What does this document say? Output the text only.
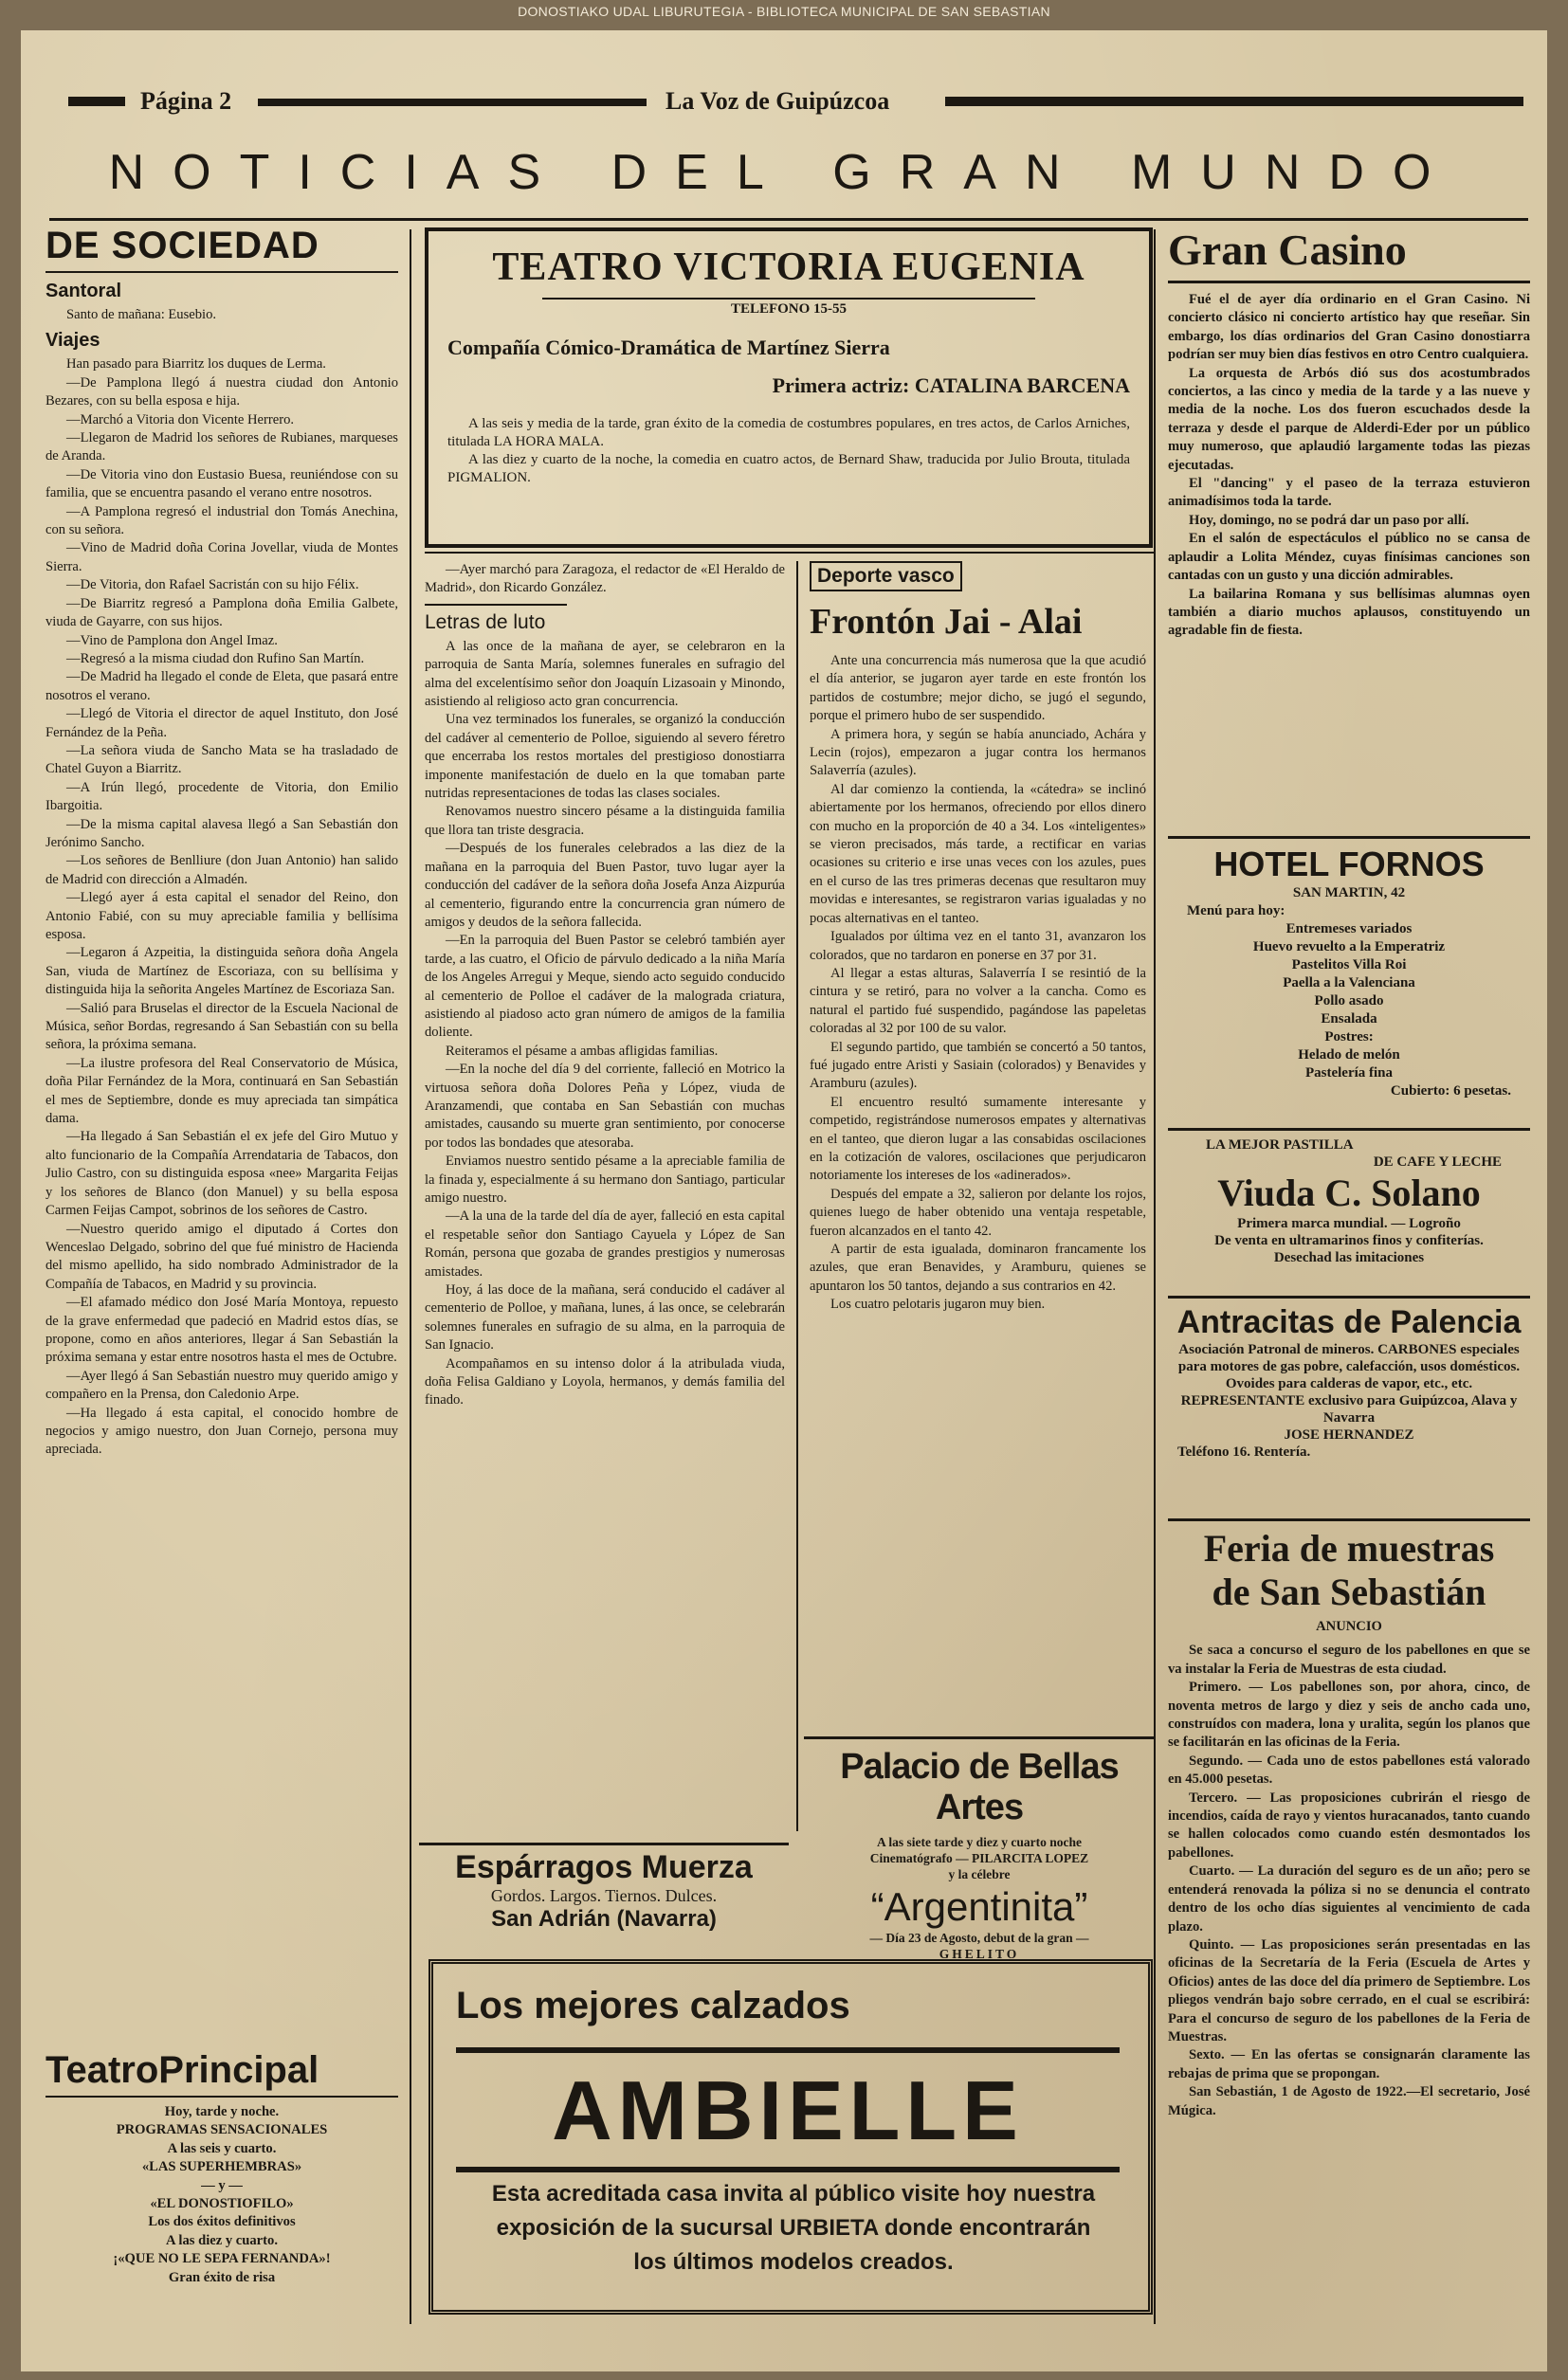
DONOSTIAKO UDAL LIBURUTEGIA - BIBLIOTECA MUNICIPAL DE SAN SEBASTIAN
Página 2	La Voz de Guipúzcoa
NOTICIAS DEL GRAN MUNDO
DE SOCIEDAD
Santoral

Santo de mañana: Eusebio.

Viajes

Han pasado para Biarritz los duques de Lerma.

—De Pamplona llegó á nuestra ciudad don Antonio Bezares, con su bella esposa e hija.

—Marchó a Vitoria don Vicente Herrero.

—Llegaron de Madrid los señores de Rubianes, marqueses de Aranda.

—De Vitoria vino don Eustasio Buesa, reuniéndose con su familia, que se encuentra pasando el verano entre nosotros.

—A Pamplona regresó el industrial don Tomás Anechina, con su señora.

—Vino de Madrid doña Corina Jovellar, viuda de Montes Sierra.

—De Vitoria, don Rafael Sacristán con su hijo Félix.

—De Biarritz regresó a Pamplona doña Emilia Galbete, viuda de Gayarre, con sus hijos.

—Vino de Pamplona don Angel Imaz.

—Regresó a la misma ciudad don Rufino San Martín.

—De Madrid ha llegado el conde de Eleta, que pasará entre nosotros el verano.

—Llegó de Vitoria el director de aquel Instituto, don José Fernández de la Peña.

—La señora viuda de Sancho Mata se ha trasladado de Chatel Guyon a Biarritz.

—A Irún llegó, procedente de Vitoria, don Emilio Ibargoitia.

—De la misma capital alavesa llegó a San Sebastián don Jerónimo Sancho.

—Los señores de Benlliure (don Juan Antonio) han salido de Madrid con dirección a Almadén.

—Llegó ayer á esta capital el senador del Reino, don Antonio Fabié, con su muy apreciable familia y bellísima esposa.

—Legaron á Azpeitia, la distinguida señora doña Angela San, viuda de Martínez de Escoriaza, con su bellísima y distinguida hija la señorita Angeles Martínez de Escoriaza San.

—Salió para Bruselas el director de la Escuela Nacional de Música, señor Bordas, regresando á San Sebastián con su bella señora, la próxima semana.

—La ilustre profesora del Real Conservatorio de Música, doña Pilar Fernández de la Mora, continuará en San Sebastián el mes de Septiembre, donde es muy apreciada tan simpática dama.

—Ha llegado á San Sebastián el ex jefe del Giro Mutuo y alto funcionario de la Compañía Arrendataria de Tabacos, don Julio Castro, con su distinguida esposa «nee» Margarita Feijas y los señores de Blanco (don Manuel) y su bella esposa Carmen Feijas Campot, sobrinos de los señores de Castro.

—Nuestro querido amigo el diputado á Cortes don Wenceslao Delgado, sobrino del que fué ministro de Hacienda del mismo apellido, ha sido nombrado Administrador de la Compañía de Tabacos, en Madrid y su provincia.

—El afamado médico don José María Montoya, repuesto de la grave enfermedad que padeció en Madrid estos días, se propone, como en años anteriores, llegar á San Sebastián la próxima semana y estar entre nosotros hasta el mes de Octubre.

—Ayer llegó á San Sebastián nuestro muy querido amigo y compañero en la Prensa, don Caledonio Arpe.

—Ha llegado á esta capital, el conocido hombre de negocios y amigo nuestro, don Juan Cornejo, persona muy apreciada.

TeatroPrincipal
Hoy, tarde y noche.
PROGRAMAS SENSACIONALES
A las seis y cuarto.
«LAS SUPERHEMBRAS»
— y —
«EL DONOSTIOFILO»
Los dos éxitos definitivos
A las diez y cuarto.
¡«QUE NO LE SEPA FERNANDA»!
Gran éxito de risa
TEATRO VICTORIA EUGENIA
TELEFONO 15-55
Compañía Cómico-Dramática de Martínez Sierra
Primera actriz: CATALINA BARCENA

A las seis y media de la tarde, gran éxito de la comedia de costumbres populares, en tres actos, de Carlos Arniches, titulada LA HORA MALA.

A las diez y cuarto de la noche, la comedia en cuatro actos, de Bernard Shaw, traducida por Julio Brouta, titulada PIGMALION.

—Ayer marchó para Zaragoza, el redactor de «El Heraldo de Madrid», don Ricardo González.

Letras de luto

A las once de la mañana de ayer, se celebraron en la parroquia de Santa María, solemnes funerales en sufragio del alma del excelentísimo señor don Joaquín Lizasoain y Minondo, asistiendo al religioso acto gran concurrencia.

Una vez terminados los funerales, se organizó la conducción del cadáver al cementerio de Polloe, siguiendo al severo féretro que encerraba los restos mortales del prestigioso donostiarra imponente manifestación de duelo en la que tomaban parte nutridas representaciones de todas las clases sociales.

Renovamos nuestro sincero pésame a la distinguida familia que llora tan triste desgracia.

—Después de los funerales celebrados a las diez de la mañana en la parroquia del Buen Pastor, tuvo lugar ayer la conducción del cadáver de la señora doña Josefa Anza Aizpurúa al cementerio, figurando entre la concurrencia gran número de amigos y deudos de la señora fallecida.

—En la parroquia del Buen Pastor se celebró también ayer tarde, a las cuatro, el Oficio de párvulo dedicado a la niña María de los Angeles Arregui y Meque, siendo acto seguido conducido al cementerio de Polloe el cadáver de la malograda criatura, asistiendo al piadoso acto gran número de amigos de la familia doliente.

Reiteramos el pésame a ambas afligidas familias.

—En la noche del día 9 del corriente, falleció en Motrico la virtuosa señora doña Dolores Peña y López, viuda de Aranzamendi, que contaba en San Sebastián con muchas amistades, causando su muerte gran sentimiento, por conocerse por todos las bondades que atesoraba.

Enviamos nuestro sentido pésame a la apreciable familia de la finada y, especialmente á su hermano don Santiago, particular amigo nuestro.

—A la una de la tarde del día de ayer, falleció en esta capital el respetable señor don Santiago Cayuela y López de San Román, persona que gozaba de grandes prestigios y numerosas amistades.

Hoy, á las doce de la mañana, será conducido el cadáver al cementerio de Polloe, y mañana, lunes, á las once, se celebrarán solemnes funerales en sufragio de su alma, en la parroquia de San Ignacio.

Acompañamos en su intenso dolor á la atribulada viuda, doña Felisa Galdiano y Loyola, hermanos, y demás familia del finado.

Espárragos Muerza
Gordos. Largos. Tiernos. Dulces.
San Adrián (Navarra)
Deporte vasco
Frontón Jai - Alai

Ante una concurrencia más numerosa que la que acudió el día anterior, se jugaron ayer tarde en este frontón los partidos de costumbre; mejor dicho, se jugó el segundo, porque el primero hubo de ser suspendido.

A primera hora, y según se había anunciado, Achára y Lecin (rojos), empezaron a jugar contra los hermanos Salaverría (azules).

Al dar comienzo la contienda, la «cátedra» se inclinó abiertamente por los hermanos, ofreciendo por ellos dinero con mucho en la proporción de 40 a 34. Los «inteligentes» se vieron precisados, más tarde, a rectificar en varias ocasiones su criterio e irse unas veces con los azules, pues en el curso de las tres primeras decenas que resultaron muy movidas e interesantes, se registraron varias igualadas y no pocas alternativas en el tanteo.

Igualados por última vez en el tanto 31, avanzaron los colorados, que no tardaron en ponerse en 37 por 31.

Al llegar a estas alturas, Salaverría I se resintió de la cintura y se retiró, para no volver a la cancha. Como es natural el partido fué suspendido, pagándose las papeletas coloradas al 32 por 100 de su valor.

El segundo partido, que también se concertó a 50 tantos, fué jugado entre Aristi y Sasiain (colorados) y Benavides y Aramburu (azules).

El encuentro resultó sumamente interesante y competido, registrándose numerosos empates y alternativas en el tanteo, que dieron lugar a las consabidas oscilaciones en la cotización de valores, oscilaciones que perjudicaron notoriamente los intereses de los «adinerados».

Después del empate a 32, salieron por delante los rojos, quienes luego de haber obtenido una ventaja respetable, fueron alcanzados en el tanto 42.

A partir de esta igualada, dominaron francamente los azules, que eran Benavides, y Aramburu, quienes se apuntaron los 50 tantos, dejando a sus contrarios en 42.

Los cuatro pelotaris jugaron muy bien.

Palacio de Bellas Artes
A las siete tarde y diez y cuarto noche
Cinematógrafo — PILARCITA LOPEZ
y la célebre
“Argentinita”
— Día 23 de Agosto, debut de la gran —
GHELITO
Los mejores calzados
AMBIELLE
Esta acreditada casa invita al público visite hoy nuestra exposición de la sucursal URBIETA donde encontrarán los últimos modelos creados.
Gran Casino

Fué el de ayer día ordinario en el Gran Casino. Ni concierto clásico ni concierto artístico hay que reseñar. Sin embargo, los días ordinarios del Gran Casino donostiarra podrían ser muy bien días festivos en otro Centro cualquiera.

La orquesta de Arbós dió sus dos acostumbrados conciertos, a las cinco y media de la tarde y a las nueve y media de la noche. Los dos fueron escuchados desde la terraza y desde el parque de Alderdi-Eder por un público muy numeroso, que aplaudió largamente todas las piezas ejecutadas.

El "dancing" y el paseo de la terraza estuvieron animadísimos toda la tarde.

Hoy, domingo, no se podrá dar un paso por allí.

En el salón de espectáculos el público no se cansa de aplaudir a Lolita Méndez, cuyas finísimas canciones son cantadas con un gusto y una dicción admirables.

La bailarina Romana y sus bellísimas alumnas oyen también a diario muchos aplausos, constituyendo un agradable fin de fiesta.

HOTEL FORNOS
SAN MARTIN, 42
Menú para hoy:
Entremeses variados
Huevo revuelto a la Emperatriz
Pastelitos Villa Roi
Paella a la Valenciana
Pollo asado
Ensalada
Postres:
Helado de melón
Pastelería fina
Cubierto: 6 pesetas.
LA MEJOR PASTILLA
DE CAFE Y LECHE
Viuda C. Solano
Primera marca mundial. — Logroño
De venta en ultramarinos finos y confiterías.
Desechad las imitaciones
Antracitas de Palencia
Asociación Patronal de mineros. CARBONES especiales para motores de gas pobre, calefacción, usos domésticos. Ovoides para calderas de vapor, etc., etc.
REPRESENTANTE exclusivo para Guipúzcoa, Alava y Navarra
JOSE HERNANDEZ
Teléfono 16. Rentería.
Feria de muestras
de San Sebastián
ANUNCIO

Se saca a concurso el seguro de los pabellones en que se va instalar la Feria de Muestras de esta ciudad.

Primero. — Los pabellones son, por ahora, cinco, de noventa metros de largo y diez y seis de ancho cada uno, construídos con madera, lona y uralita, según los planos que se facilitarán en las oficinas de la Feria.

Segundo. — Cada uno de estos pabellones está valorado en 45.000 pesetas.

Tercero. — Las proposiciones cubrirán el riesgo de incendios, caída de rayo y vientos huracanados, tanto cuando se hallen colocados como cuando estén desmontados los pabellones.

Cuarto. — La duración del seguro es de un año; pero se entenderá renovada la póliza si no se denuncia el contrato dentro de los ocho días siguientes al vencimiento de cada plazo.

Quinto. — Las proposiciones serán presentadas en las oficinas de la Secretaría de la Feria (Escuela de Artes y Oficios) antes de las doce del día primero de Septiembre. Los pliegos vendrán bajo sobre cerrado, en el cual se escribirá: Para el concurso de seguro de los pabellones de la Feria de Muestras.

Sexto. — En las ofertas se consignarán claramente las rebajas de prima que se propongan.

San Sebastián, 1 de Agosto de 1922.—El secretario, José Múgica.
